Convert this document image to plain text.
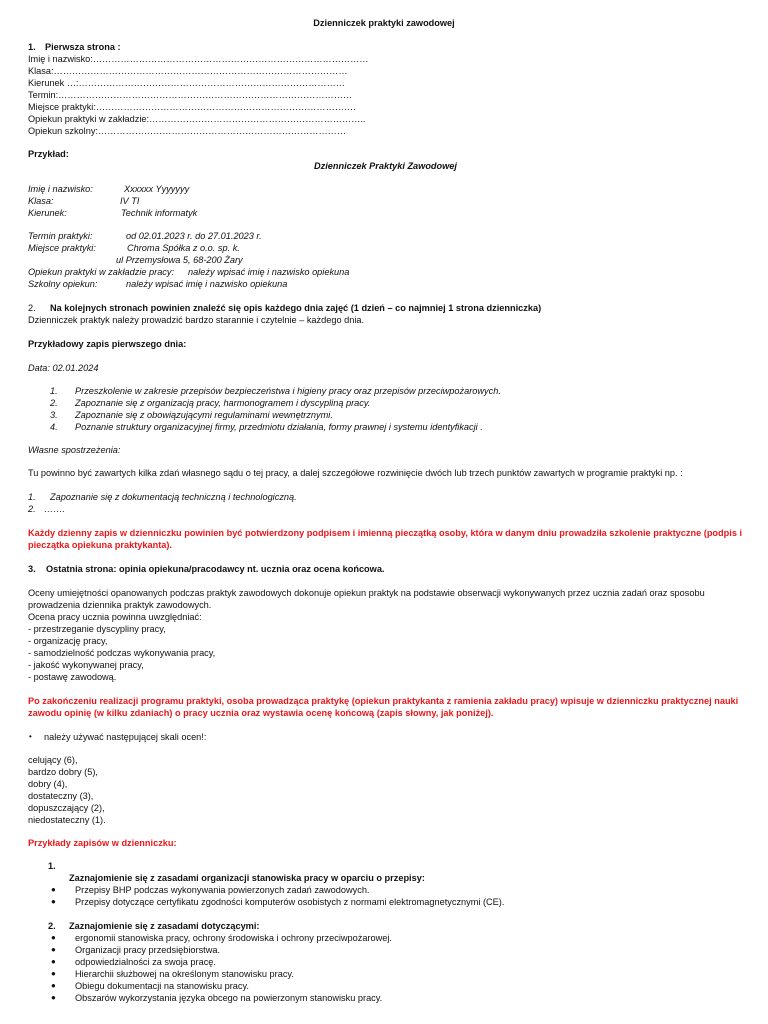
Dzienniczek praktyki zawodowej
1. Pierwsza strona :
Imię i nazwisko:………………………………………………………………………………
Klasa:……………………………………………………………………………………
Kierunek …:……………………………………………………………………………
Termin:……………………………………………………………………………………
Miejsce praktyki:………………………………………………………………………….
Opiekun praktyki w zakładzie:……………………………………………………………..
Opiekun szkolny:………………………………………………………………………
Przykład:
Dzienniczek Praktyki Zawodowej
Imię i nazwisko:	Xxxxxx Yyyyyyy
Klasa:	IV TI
Kierunek:	Technik informatyk
Termin praktyki:	od 02.01.2023 r. do 27.01.2023 r.
Miejsce praktyki:	Chroma Spółka z o.o. sp. k.
ul Przemysłowa 5, 68-200 Żary
Opiekun praktyki w zakładzie pracy: należy wpisać imię i nazwisko opiekuna
Szkolny opiekun:	należy wpisać imię i nazwisko opiekuna
2. Na kolejnych stronach powinien znaleźć się opis każdego dnia zajęć (1 dzień – co najmniej 1 strona dzienniczka)
Dzienniczek praktyk należy prowadzić bardzo starannie i czytelnie – każdego dnia.
Przykładowy zapis pierwszego dnia:
Data: 02.01.2024
1. Przeszkolenie w zakresie przepisów bezpieczeństwa i higieny pracy oraz przepisów przeciwpożarowych.
2. Zapoznanie się z organizacją pracy, harmonogramem i dyscypliną pracy.
3. Zapoznanie się z obowiązującymi regulaminami wewnętrznymi.
4. Poznanie struktury organizacyjnej firmy, przedmiotu działania, formy prawnej i systemu identyfikacji .
Własne spostrzeżenia:
Tu powinno być zawartych kilka zdań własnego sądu o tej pracy, a dalej szczegółowe rozwinięcie dwóch lub trzech punktów zawartych w programie praktyki np. :
1. Zapoznanie się z dokumentacją techniczną i technologiczną.
2. …….
Każdy dzienny zapis w dzienniczku powinien być potwierdzony podpisem i imienną pieczątką osoby, która w danym dniu prowadziła szkolenie praktyczne (podpis i
pieczątka opiekuna praktykanta).
3. Ostatnia strona: opinia opiekuna/pracodawcy nt. ucznia oraz ocena końcowa.
Oceny umiejętności opanowanych podczas praktyk zawodowych dokonuje opiekun praktyk na podstawie obserwacji wykonywanych przez ucznia zadań oraz sposobu
prowadzenia dziennika praktyk zawodowych.
Ocena pracy ucznia powinna uwzględniać:
- przestrzeganie dyscypliny pracy,
- organizację pracy,
- samodzielność podczas wykonywania pracy,
- jakość wykonywanej pracy,
- postawę zawodową.
Po zakończeniu realizacji programu praktyki, osoba prowadząca praktykę (opiekun praktykanta z ramienia zakładu pracy) wpisuje w dzienniczku praktycznej nauki
zawodu opinię (w kilku zdaniach) o pracy ucznia oraz wystawia ocenę końcową (zapis słowny, jak poniżej).
• należy używać następującej skali ocen!:
celujący (6),
bardzo dobry (5),
dobry (4),
dostateczny (3),
dopuszczający (2),
niedostateczny (1).
Przykłady zapisów w dzienniczku:
1.
Zaznajomienie się z zasadami organizacji stanowiska pracy w oparciu o przepisy:
● Przepisy BHP podczas wykonywania powierzonych zadań zawodowych.
● Przepisy dotyczące certyfikatu zgodności komputerów osobistych z normami elektromagnetycznymi (CE).
2. Zaznajomienie się z zasadami dotyczącymi:
● ergonomii stanowiska pracy, ochrony środowiska i ochrony przeciwpożarowej.
● Organizacji pracy przedsiębiorstwa.
● odpowiedzialności za swoja pracę.
● Hierarchii służbowej na określonym stanowisku pracy.
● Obiegu dokumentacji na stanowisku pracy.
● Obszarów wykorzystania języka obcego na powierzonym stanowisku pracy.
